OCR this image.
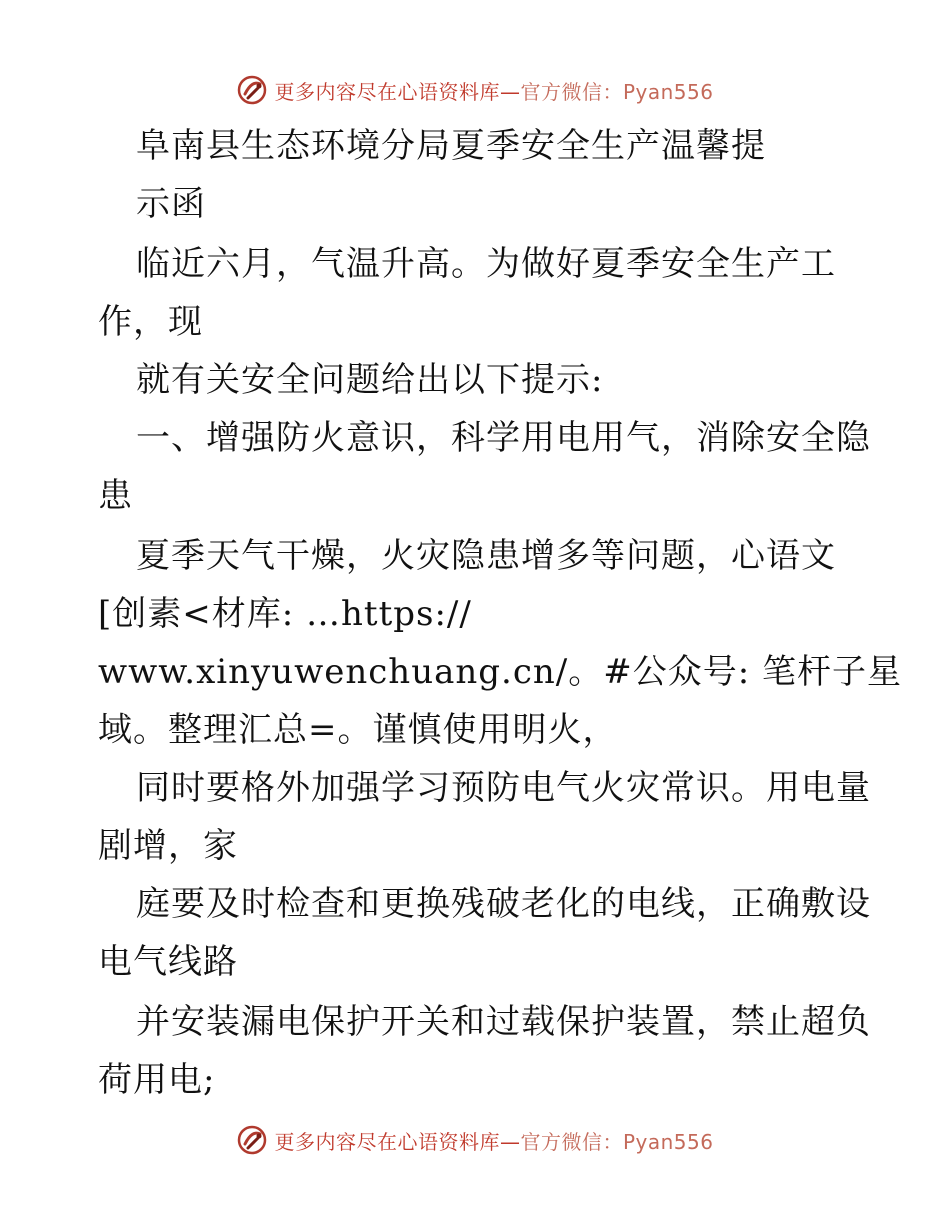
更多内容尽在心语资料库—官方微信：Pyan556
阜南县生态环境分局夏季安全生产温馨提
示函
临近六月，气温升高。为做好夏季安全生产工
作，现
就有关安全问题给出以下提示:
一、增强防火意识，科学用电用气，消除安全隐
患
夏季天气干燥，火灾隐患增多等问题，心语文
[创素<材库: …https://
www.xinyuwenchuang.cn/。#公众号: 笔杆子星
域。整理汇总=。谨慎使用明火，
同时要格外加强学习预防电气火灾常识。用电量
剧增，家
庭要及时检查和更换残破老化的电线，正确敷设
电气线路
并安装漏电保护开关和过载保护装置，禁止超负
荷用电;
更多内容尽在心语资料库—官方微信：Pyan556
